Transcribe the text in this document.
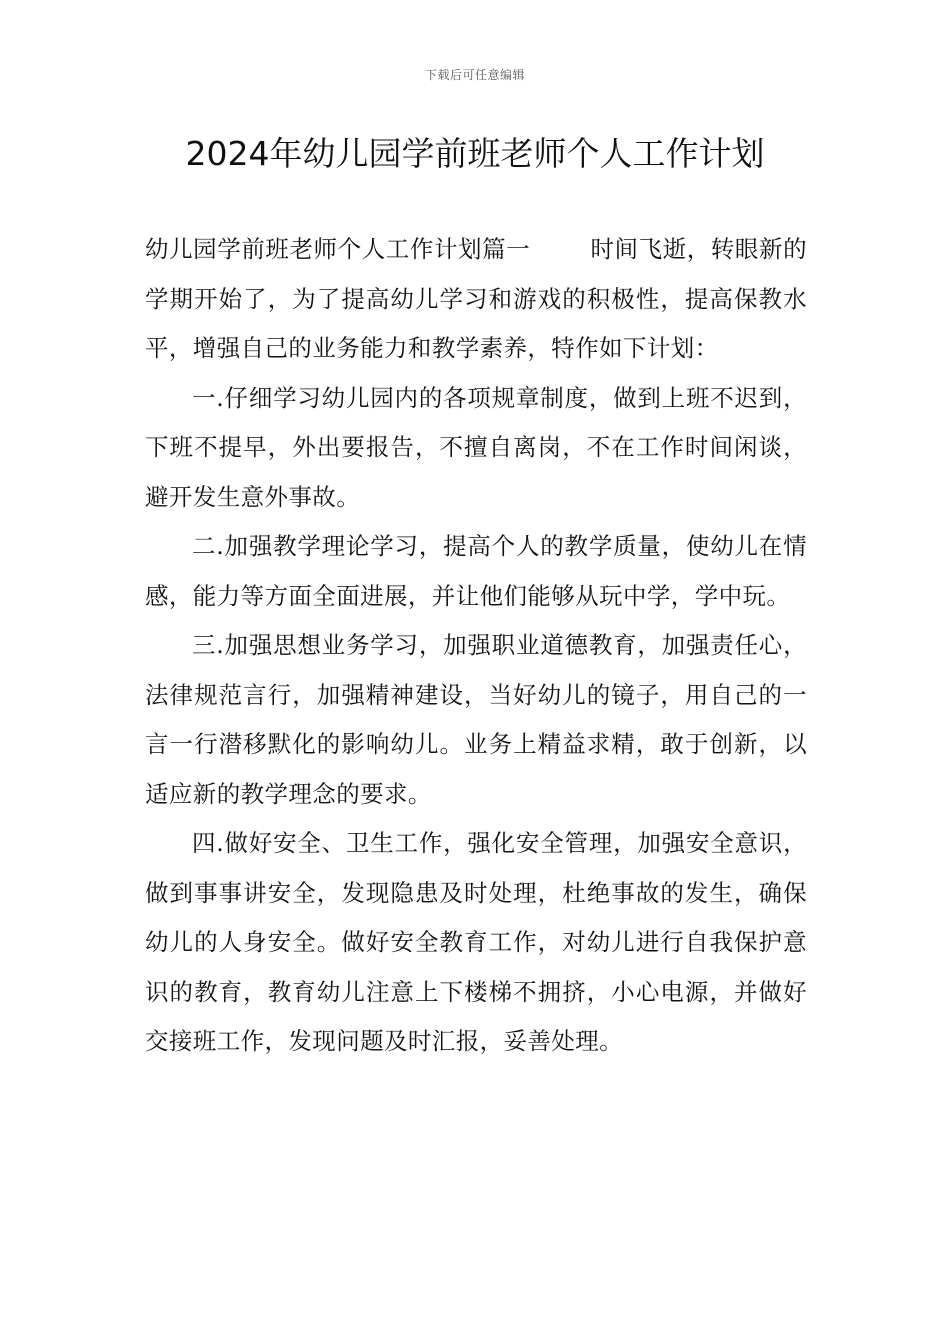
下载后可任意编辑
2024年幼儿园学前班老师个人工作计划

幼儿园学前班老师个人工作计划篇一	时间飞逝，转眼新的学期开始了，为了提高幼儿学习和游戏的积极性，提高保教水平，增强自己的业务能力和教学素养，特作如下计划：

一.仔细学习幼儿园内的各项规章制度，做到上班不迟到，下班不提早，外出要报告，不擅自离岗，不在工作时间闲谈，避开发生意外事故。

二.加强教学理论学习，提高个人的教学质量，使幼儿在情感，能力等方面全面进展，并让他们能够从玩中学，学中玩。

三.加强思想业务学习，加强职业道德教育，加强责任心，法律规范言行，加强精神建设，当好幼儿的镜子，用自己的一言一行潜移默化的影响幼儿。业务上精益求精，敢于创新，以适应新的教学理念的要求。

四.做好安全、卫生工作，强化安全管理，加强安全意识，做到事事讲安全，发现隐患及时处理，杜绝事故的发生，确保幼儿的人身安全。做好安全教育工作，对幼儿进行自我保护意识的教育，教育幼儿注意上下楼梯不拥挤，小心电源，并做好交接班工作，发现问题及时汇报，妥善处理。
